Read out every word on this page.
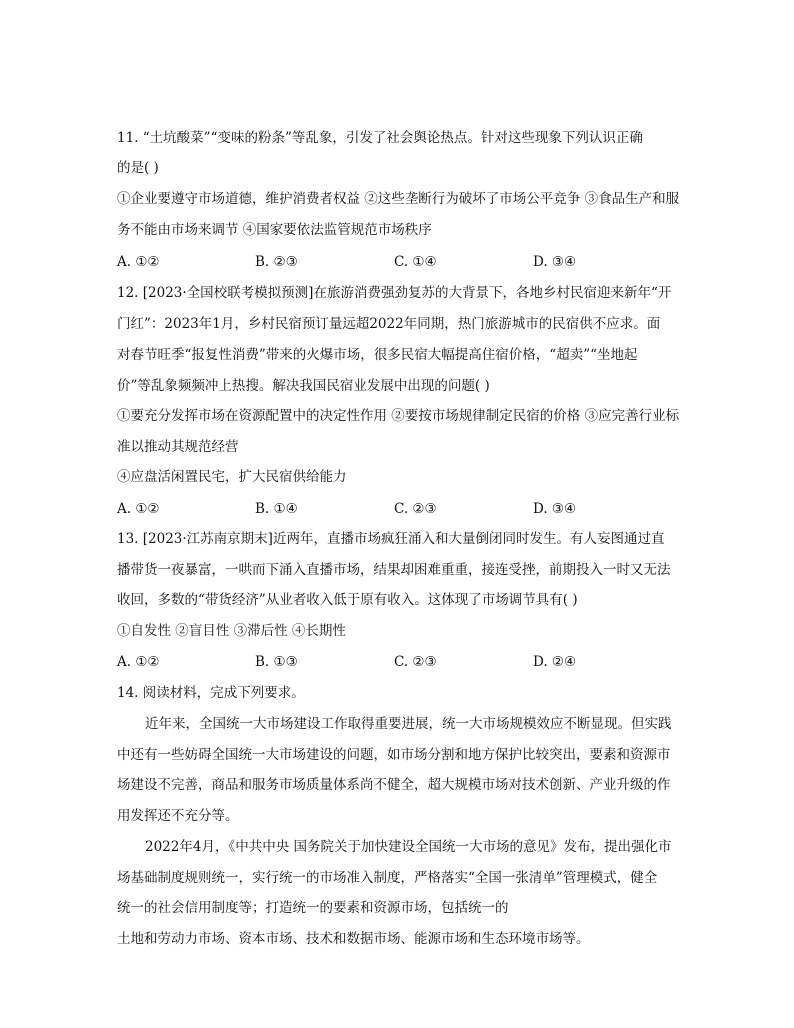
11. “土坑酸菜”“变味的粉条”等乱象，引发了社会舆论热点。针对这些现象下列认识正确
的是( )
①企业要遵守市场道德，维护消费者权益 ②这些垄断行为破坏了市场公平竞争 ③食品生产和服
务不能由市场来调节 ④国家要依法监管规范市场秩序
A. ①②	B. ②③	C. ①④	D. ③④
12. [2023·全国校联考模拟预测]在旅游消费强劲复苏的大背景下，各地乡村民宿迎来新年“开
门红”：2023年1月，乡村民宿预订量远超2022年同期，热门旅游城市的民宿供不应求。面
对春节旺季“报复性消费”带来的火爆市场，很多民宿大幅提高住宿价格，“超卖”“坐地起
价”等乱象频频冲上热搜。解决我国民宿业发展中出现的问题( )
①要充分发挥市场在资源配置中的决定性作用 ②要按市场规律制定民宿的价格 ③应完善行业标
准以推动其规范经营
④应盘活闲置民宅，扩大民宿供给能力
A. ①②	B. ①④	C. ②③	D. ③④
13. [2023·江苏南京期末]近两年，直播市场疯狂涌入和大量倒闭同时发生。有人妄图通过直
播带货一夜暴富，一哄而下涌入直播市场，结果却困难重重，接连受挫，前期投入一时又无法
收回，多数的“带货经济”从业者收入低于原有收入。这体现了市场调节具有( )
①自发性 ②盲目性 ③滞后性 ④长期性
A. ①②	B. ①③	C. ②③	D. ②④
14. 阅读材料，完成下列要求。
近年来，全国统一大市场建设工作取得重要进展，统一大市场规模效应不断显现。但实践
中还有一些妨碍全国统一大市场建设的问题，如市场分割和地方保护比较突出，要素和资源市
场建设不完善，商品和服务市场质量体系尚不健全，超大规模市场对技术创新、产业升级的作
用发挥还不充分等。
2022年4月，《中共中央 国务院关于加快建设全国统一大市场的意见》发布，提出强化市
场基础制度规则统一，实行统一的市场准入制度，严格落实“全国一张清单”管理模式，健全
统一的社会信用制度等；打造统一的要素和资源市场，包括统一的
土地和劳动力市场、资本市场、技术和数据市场、能源市场和生态环境市场等。
